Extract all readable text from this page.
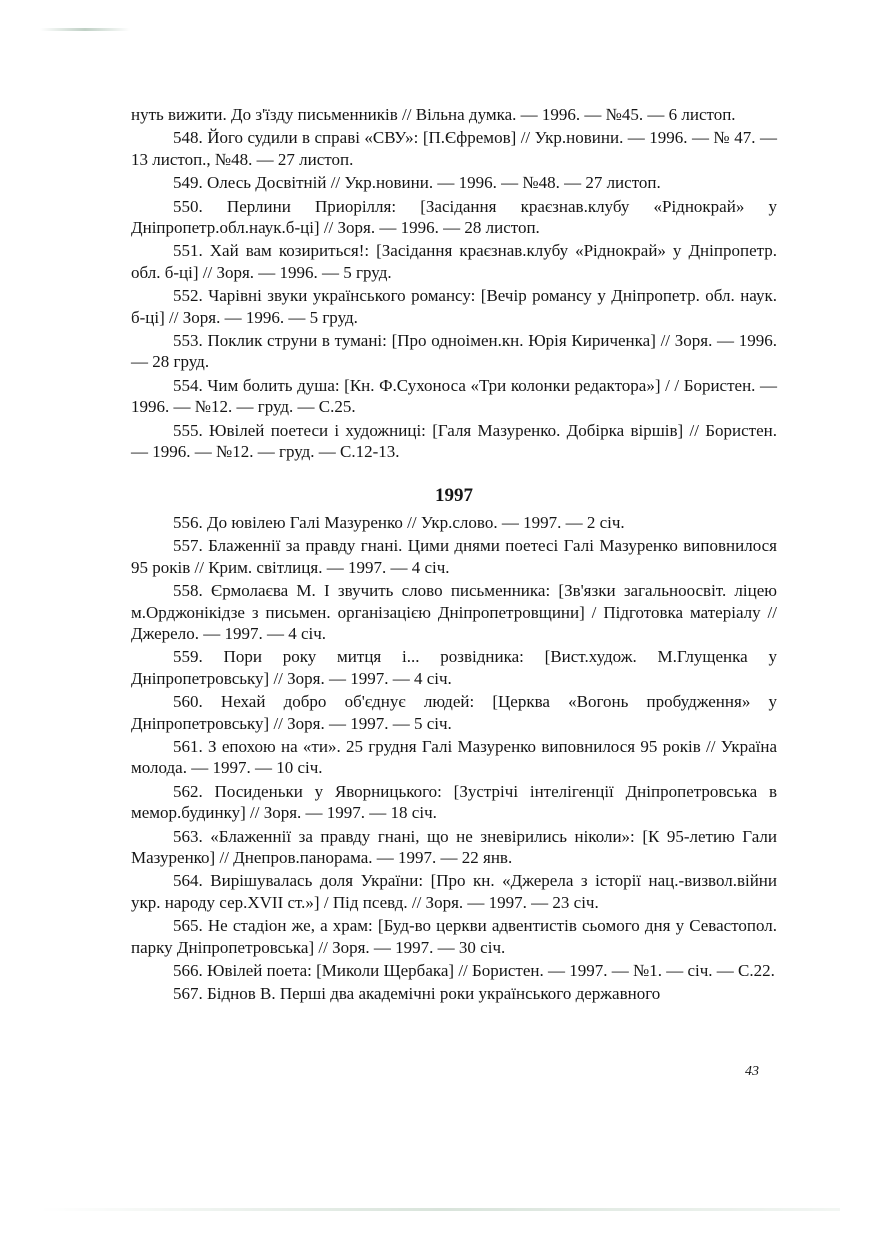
нуть вижити. До з'їзду письменників // Вільна думка. — 1996. — №45. — 6 листоп.

548. Його судили в справі «СВУ»: [П.Єфремов] // Укр.новини. — 1996. — № 47. — 13 листоп., №48. — 27 листоп.

549. Олесь Досвітній // Укр.новини. — 1996. — №48. — 27 листоп.

550. Перлини Приорілля: [Засідання краєзнав.клубу «Ріднокрай» у Дніпропетр.обл.наук.б-ці] // Зоря. — 1996. — 28 листоп.

551. Хай вам козириться!: [Засідання краєзнав.клубу «Ріднокрай» у Дніпропетр. обл. б-ці] // Зоря. — 1996. — 5 груд.

552. Чарівні звуки українського романсу: [Вечір романсу у Дніпропетр. обл. наук. б-ці] // Зоря. — 1996. — 5 груд.

553. Поклик струни в тумані: [Про одноімен.кн. Юрія Кириченка] // Зоря. — 1996. — 28 груд.

554. Чим болить душа: [Кн. Ф.Сухоноса «Три колонки редактора»] / / Бористен. — 1996. — №12. — груд. — С.25.

555. Ювілей поетеси і художниці: [Галя Мазуренко. Добірка віршів] // Бористен. — 1996. — №12. — груд. — С.12-13.

1997

556. До ювілею Галі Мазуренко // Укр.слово. — 1997. — 2 січ.

557. Блаженнії за правду гнані. Цими днями поетесі Галі Мазуренко виповнилося 95 років // Крим. світлиця. — 1997. — 4 січ.

558. Єрмолаєва М. І звучить слово письменника: [Зв'язки загальноосвіт. ліцею м.Орджонікідзе з письмен. організацією Дніпропетровщини] / Підготовка матеріалу // Джерело. — 1997. — 4 січ.

559. Пори року митця і... розвідника: [Вист.худож. М.Глущенка у Дніпропетровську] // Зоря. — 1997. — 4 січ.

560. Нехай добро об'єднує людей: [Церква «Вогонь пробудження» у Дніпропетровську] // Зоря. — 1997. — 5 січ.

561. З епохою на «ти». 25 грудня Галі Мазуренко виповнилося 95 років // Україна молода. — 1997. — 10 січ.

562. Посиденьки у Яворницького: [Зустрічі інтелігенції Дніпропетровська в мемор.будинку] // Зоря. — 1997. — 18 січ.

563. «Блаженнії за правду гнані, що не зневірились ніколи»: [К 95-летию Гали Мазуренко] // Днепров.панорама. — 1997. — 22 янв.

564. Вирішувалась доля України: [Про кн. «Джерела з історії нац.-визвол.війни укр. народу сер.XVII ст.»] / Під псевд. // Зоря. — 1997. — 23 січ.

565. Не стадіон же, а храм: [Буд-во церкви адвентистів сьомого дня у Севастопол. парку Дніпропетровська] // Зоря. — 1997. — 30 січ.

566. Ювілей поета: [Миколи Щербака] // Бористен. — 1997. — №1. — січ. — С.22.

567. Біднов В. Перші два академічні роки українського державного

43
